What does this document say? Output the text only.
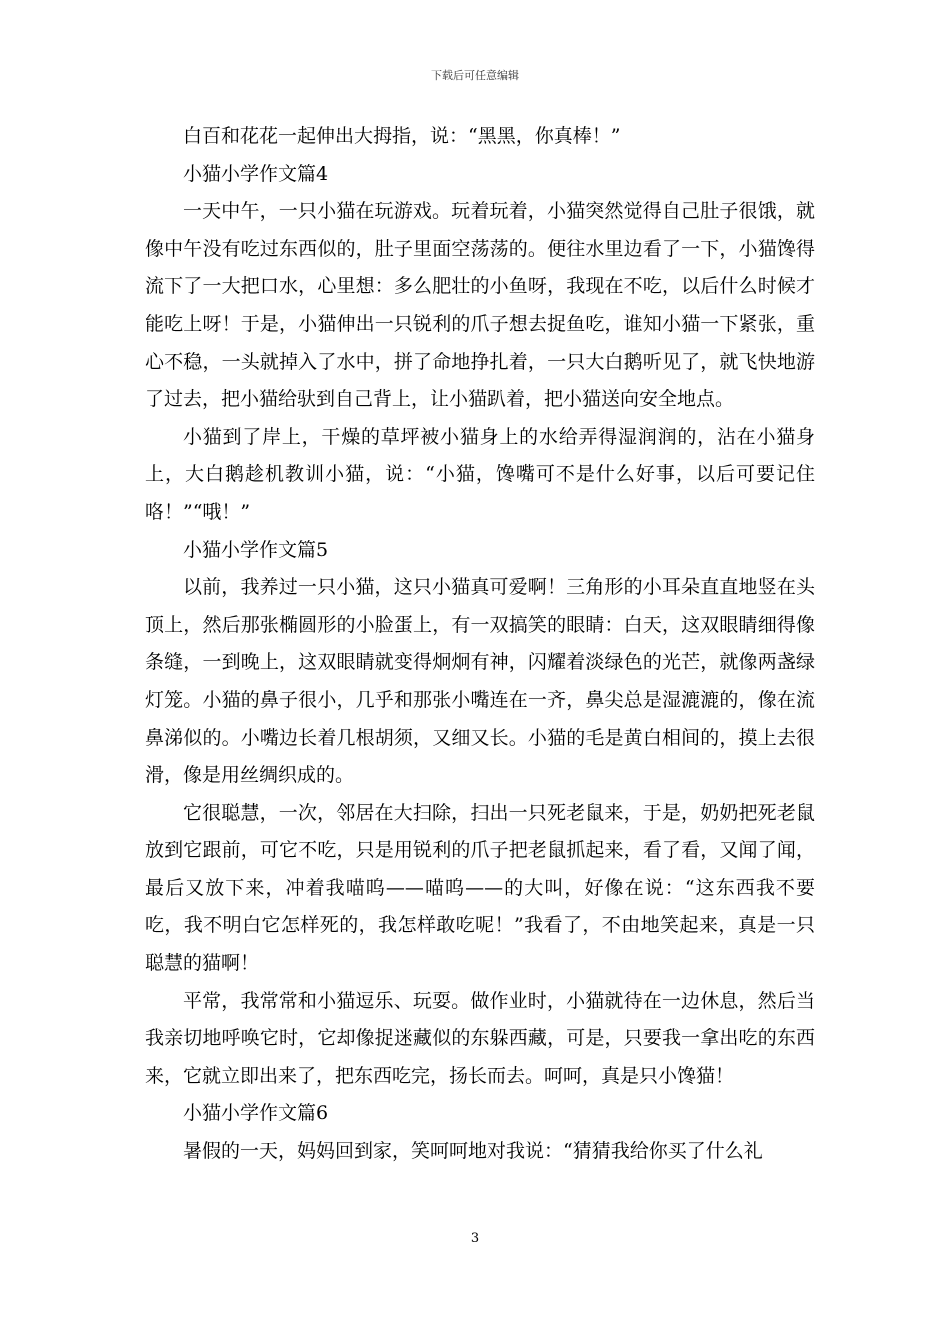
下载后可任意编辑

白百和花花一起伸出大拇指，说：“黑黑，你真棒！”

小猫小学作文篇4

一天中午，一只小猫在玩游戏。玩着玩着，小猫突然觉得自己肚子很饿，就像中午没有吃过东西似的，肚子里面空荡荡的。便往水里边看了一下，小猫馋得流下了一大把口水，心里想：多么肥壮的小鱼呀，我现在不吃，以后什么时候才能吃上呀！于是，小猫伸出一只锐利的爪子想去捉鱼吃，谁知小猫一下紧张，重心不稳，一头就掉入了水中，拼了命地挣扎着，一只大白鹅听见了，就飞快地游了过去，把小猫给驮到自己背上，让小猫趴着，把小猫送向安全地点。

小猫到了岸上，干燥的草坪被小猫身上的水给弄得湿润润的，沾在小猫身上，大白鹅趁机教训小猫，说：“小猫，馋嘴可不是什么好事，以后可要记住咯！”“哦！”

小猫小学作文篇5

以前，我养过一只小猫，这只小猫真可爱啊！三角形的小耳朵直直地竖在头顶上，然后那张椭圆形的小脸蛋上，有一双搞笑的眼睛：白天，这双眼睛细得像条缝，一到晚上，这双眼睛就变得炯炯有神，闪耀着淡绿色的光芒，就像两盏绿灯笼。小猫的鼻子很小，几乎和那张小嘴连在一齐，鼻尖总是湿漉漉的，像在流鼻涕似的。小嘴边长着几根胡须，又细又长。小猫的毛是黄白相间的，摸上去很滑，像是用丝绸织成的。

它很聪慧，一次，邻居在大扫除，扫出一只死老鼠来，于是，奶奶把死老鼠放到它跟前，可它不吃，只是用锐利的爪子把老鼠抓起来，看了看，又闻了闻，最后又放下来，冲着我喵呜——喵呜——的大叫，好像在说：“这东西我不要吃，我不明白它怎样死的，我怎样敢吃呢！”我看了，不由地笑起来，真是一只聪慧的猫啊！

平常，我常常和小猫逗乐、玩耍。做作业时，小猫就待在一边休息，然后当我亲切地呼唤它时，它却像捉迷藏似的东躲西藏，可是，只要我一拿出吃的东西来，它就立即出来了，把东西吃完，扬长而去。呵呵，真是只小馋猫！

小猫小学作文篇6

暑假的一天，妈妈回到家，笑呵呵地对我说：“猜猜我给你买了什么礼

3
